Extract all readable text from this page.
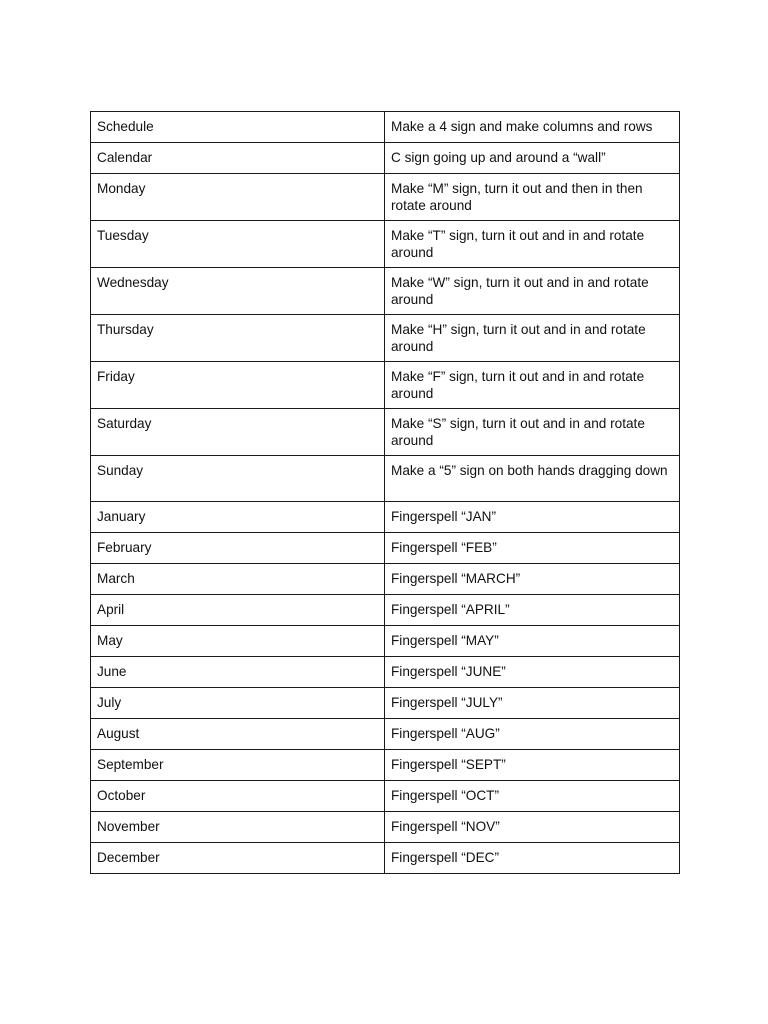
Schedule	Make a 4 sign and make columns and rows
Calendar	C sign going up and around a “wall”
Monday	Make “M” sign, turn it out and then in then rotate around
Tuesday	Make “T” sign, turn it out and in and rotate around
Wednesday	Make “W” sign, turn it out and in and rotate around
Thursday	Make “H” sign, turn it out and in and rotate around
Friday	Make “F” sign, turn it out and in and rotate around
Saturday	Make “S” sign, turn it out and in and rotate around
Sunday	Make a “5” sign on both hands dragging down
January	Fingerspell “JAN”
February	Fingerspell “FEB”
March	Fingerspell “MARCH”
April	Fingerspell “APRIL”
May	Fingerspell “MAY”
June	Fingerspell “JUNE”
July	Fingerspell “JULY”
August	Fingerspell “AUG”
September	Fingerspell “SEPT”
October	Fingerspell “OCT”
November	Fingerspell “NOV”
December	Fingerspell “DEC”
